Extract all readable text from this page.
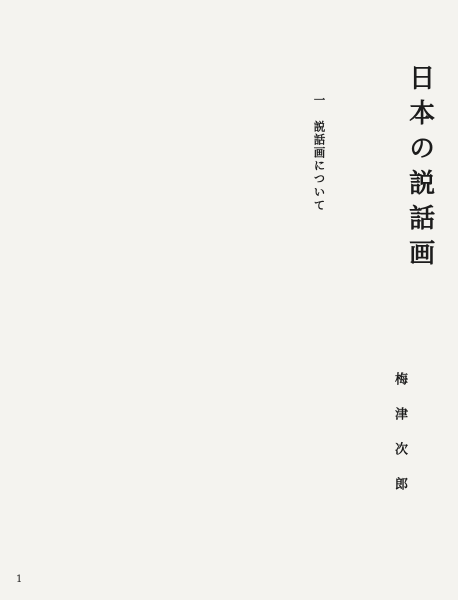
日本の説話画
梅津次郎
一　説話画について
1
